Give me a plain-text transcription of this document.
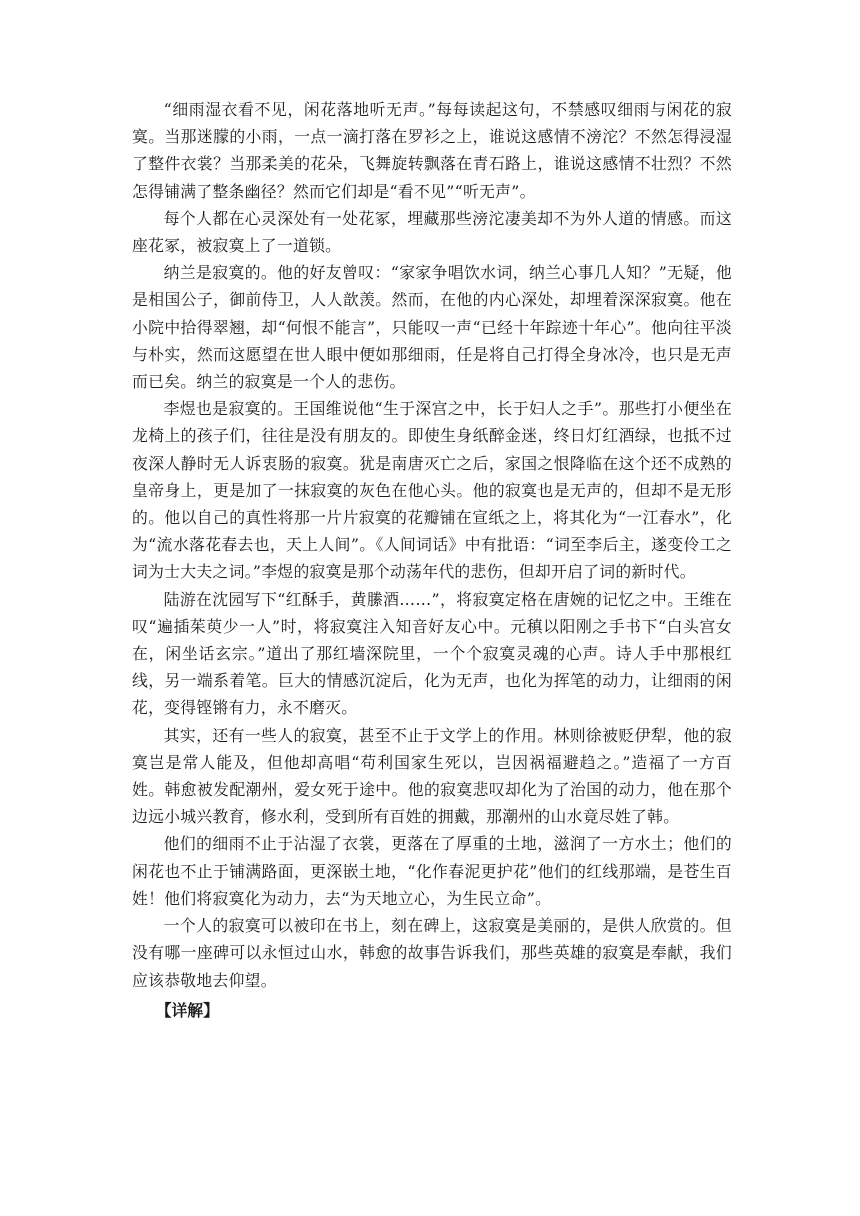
“细雨湿衣看不见，闲花落地听无声。”每每读起这句，不禁感叹细雨与闲花的寂寞。当那迷朦的小雨，一点一滴打落在罗衫之上，谁说这感情不滂沱？不然怎得浸湿了整件衣裳？当那柔美的花朵，飞舞旋转飘落在青石路上，谁说这感情不壮烈？不然怎得铺满了整条幽径？然而它们却是“看不见”“听无声”。

每个人都在心灵深处有一处花冢，埋藏那些滂沱凄美却不为外人道的情感。而这座花冢，被寂寞上了一道锁。

纳兰是寂寞的。他的好友曾叹：“家家争唱饮水词，纳兰心事几人知？”无疑，他是相国公子，御前侍卫，人人歆羡。然而，在他的内心深处，却埋着深深寂寞。他在小院中拾得翠翘，却“何恨不能言”，只能叹一声“已经十年踪迹十年心”。他向往平淡与朴实，然而这愿望在世人眼中便如那细雨，任是将自己打得全身冰冷，也只是无声而已矣。纳兰的寂寞是一个人的悲伤。

李煜也是寂寞的。王国维说他“生于深宫之中，长于妇人之手”。那些打小便坐在龙椅上的孩子们，往往是没有朋友的。即使生身纸醉金迷，终日灯红酒绿，也抵不过夜深人静时无人诉衷肠的寂寞。犹是南唐灭亡之后，家国之恨降临在这个还不成熟的皇帝身上，更是加了一抹寂寞的灰色在他心头。他的寂寞也是无声的，但却不是无形的。他以自己的真性将那一片片寂寞的花瓣铺在宣纸之上，将其化为“一江春水”，化为“流水落花春去也，天上人间”。《人间词话》中有批语：“词至李后主，遂变伶工之词为士大夫之词。”李煜的寂寞是那个动荡年代的悲伤，但却开启了词的新时代。

陆游在沈园写下“红酥手，黄縢酒……”，将寂寞定格在唐婉的记忆之中。王维在叹“遍插茱萸少一人”时，将寂寞注入知音好友心中。元稹以阳刚之手书下“白头宫女在，闲坐话玄宗。”道出了那红墙深院里，一个个寂寞灵魂的心声。诗人手中那根红线，另一端系着笔。巨大的情感沉淀后，化为无声，也化为挥笔的动力，让细雨的闲花，变得铿锵有力，永不磨灭。

其实，还有一些人的寂寞，甚至不止于文学上的作用。林则徐被贬伊犁，他的寂寞岂是常人能及，但他却高唱“苟利国家生死以，岂因祸福避趋之。”造福了一方百姓。韩愈被发配潮州，爱女死于途中。他的寂寞悲叹却化为了治国的动力，他在那个边远小城兴教育，修水利，受到所有百姓的拥戴，那潮州的山水竟尽姓了韩。

他们的细雨不止于沾湿了衣裳，更落在了厚重的土地，滋润了一方水土；他们的闲花也不止于铺满路面，更深嵌土地，“化作春泥更护花”他们的红线那端，是苍生百姓！他们将寂寞化为动力，去“为天地立心，为生民立命”。

一个人的寂寞可以被印在书上，刻在碑上，这寂寞是美丽的，是供人欣赏的。但没有哪一座碑可以永恒过山水，韩愈的故事告诉我们，那些英雄的寂寞是奉献，我们应该恭敬地去仰望。

【详解】
